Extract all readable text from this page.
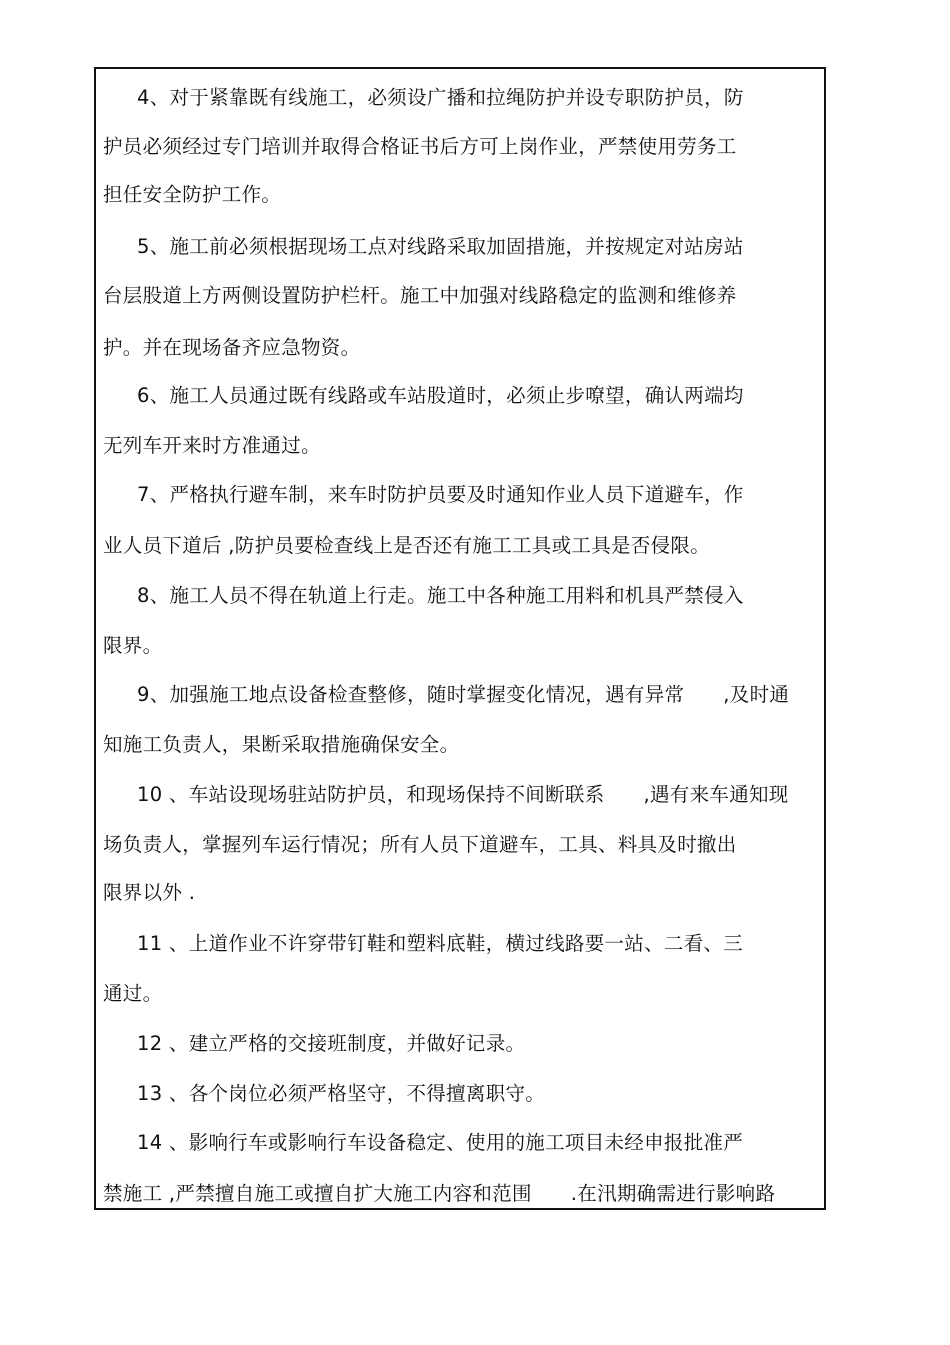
4、对于紧靠既有线施工，必须设广播和拉绳防护并设专职防护员，防
护员必须经过专门培训并取得合格证书后方可上岗作业，严禁使用劳务工
担任安全防护工作。
5、施工前必须根据现场工点对线路采取加固措施，并按规定对站房站
台层股道上方两侧设置防护栏杆。施工中加强对线路稳定的监测和维修养
护。并在现场备齐应急物资。
6、施工人员通过既有线路或车站股道时，必须止步嘹望，确认两端均
无列车开来时方准通过。
7、严格执行避车制，来车时防护员要及时通知作业人员下道避车，作
业人员下道后 ,防护员要检查线上是否还有施工工具或工具是否侵限。
8、施工人员不得在轨道上行走。施工中各种施工用料和机具严禁侵入
限界。
9、加强施工地点设备检查整修，随时掌握变化情况，遇有异常      ,及时通
知施工负责人，果断采取措施确保安全。
10 、车站设现场驻站防护员，和现场保持不间断联系      ,遇有来车通知现
场负责人，掌握列车运行情况；所有人员下道避车，工具、料具及时撤出
限界以外 .
11 、上道作业不许穿带钉鞋和塑料底鞋，横过线路要一站、二看、三
通过。
12 、建立严格的交接班制度，并做好记录。
13 、各个岗位必须严格坚守，不得擅离职守。
14 、影响行车或影响行车设备稳定、使用的施工项目未经申报批准严
禁施工 ,严禁擅自施工或擅自扩大施工内容和范围      .在汛期确需进行影响路
